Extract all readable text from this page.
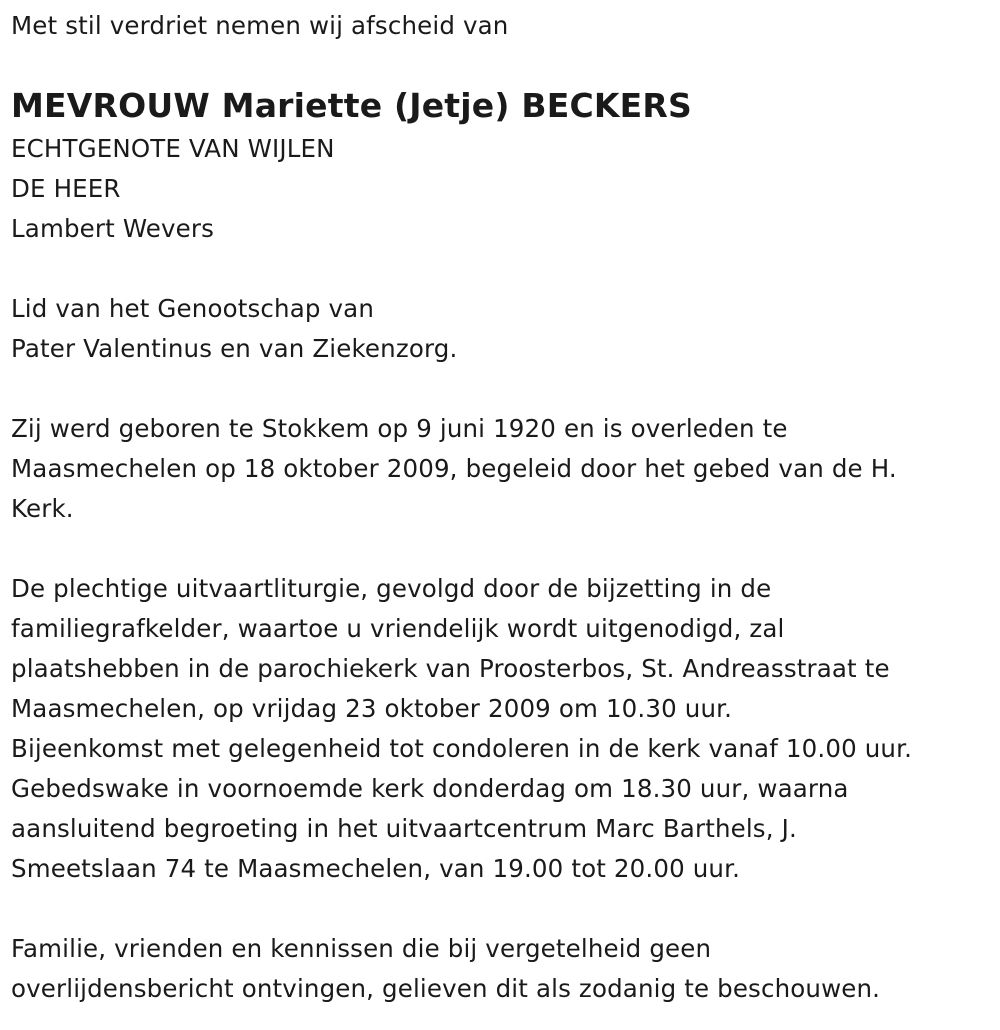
Met stil verdriet nemen wij afscheid van
MEVROUW Mariette (Jetje) BECKERS
ECHTGENOTE VAN WIJLEN
DE HEER
Lambert Wevers
Lid van het Genootschap van
Pater Valentinus en van Ziekenzorg.
Zij werd geboren te Stokkem op 9 juni 1920 en is overleden te
Maasmechelen op 18 oktober 2009, begeleid door het gebed van de H.
Kerk.
De plechtige uitvaartliturgie, gevolgd door de bijzetting in de
familiegrafkelder, waartoe u vriendelijk wordt uitgenodigd, zal
plaatshebben in de parochiekerk van Proosterbos, St. Andreasstraat te
Maasmechelen, op vrijdag 23 oktober 2009 om 10.30 uur.
Bijeenkomst met gelegenheid tot condoleren in de kerk vanaf 10.00 uur.
Gebedswake in voornoemde kerk donderdag om 18.30 uur, waarna
aansluitend begroeting in het uitvaartcentrum Marc Barthels, J.
Smeetslaan 74 te Maasmechelen, van 19.00 tot 20.00 uur.
Familie, vrienden en kennissen die bij vergetelheid geen
overlijdensbericht ontvingen, gelieven dit als zodanig te beschouwen.
